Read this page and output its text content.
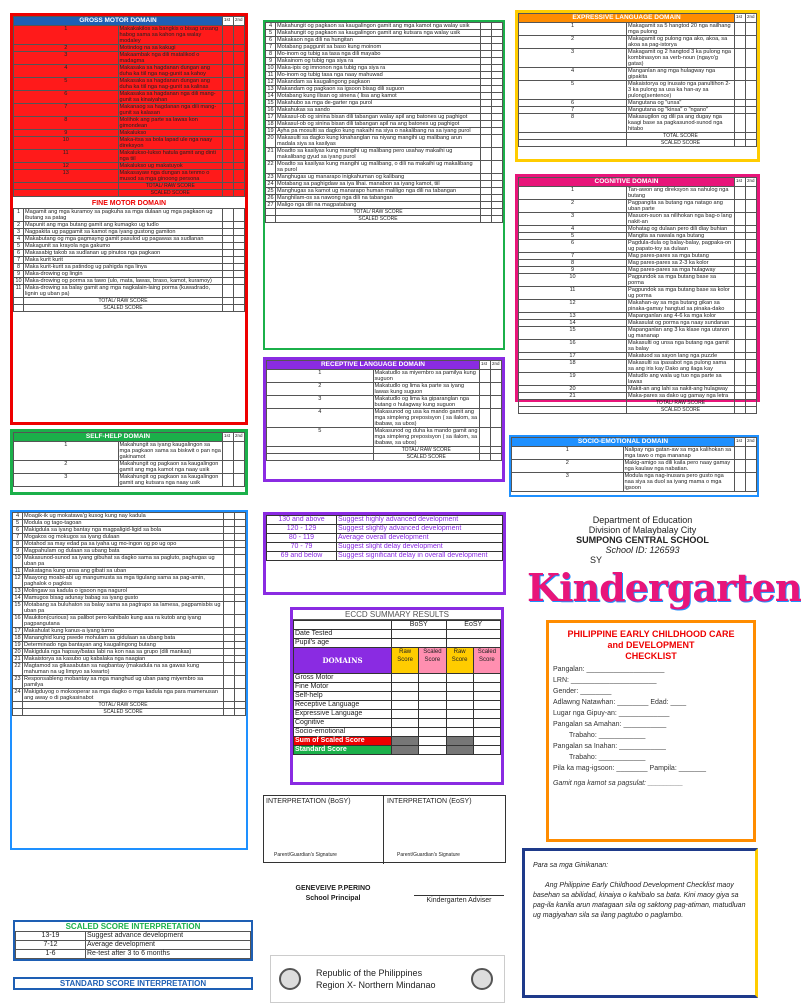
GROSS MOTOR DOMAIN		1st	2nd
1	Makakakilos sa bangkis o bisag unsang habog sama sa kahon nga walay modaley		
2	Motindog na sa kakugi		
3	Makaambak nga dili matalikod o madagma		
4	Makasaka sa hagdanan dungan ang duha ka tiil nga nag-gunit sa kahoy		
5	Makasaka sa hagdanan dungan ang duha ka tiil nga nag-gunit sa kalinas		
6	Makasaka sa hagdanan nga dili mang-gunit sa kinaiyahan		
7	Makanaog sa hagdanan nga dili mang-gunit sa kalasan		
8	Molihok ang parte sa lawas kon gimondean		
9	Makalukso		
10	Maka-itsa sa bola lapad ule nga naay direksyon		
11	Makalukso-lukso hatula gamit ang dinti nga tiil		
12	Makalukso ug makatuyok		
13	Makasayaw nga dungan sa tenmo o musod sa mga ginoong persona		
	TOTAL/ RAW SCORE		
	SCALED SCORE		
FINE MOTOR DOMAIN
1	Magamit ang mga kuramoy sa pagkuha sa mga dulaan ug mga pagkaon ug ibutang sa patag		
2	Mapunit ang mga butang gamit ang kumagko ug tudlo		
3	Nagpakita ug paggamit sa kamot nga iyang gustong gamiton		
4	Makabutang og mga gagmayng gamit pasulod ug pagawas sa sudlanan		
5	Makagunit sa krayola nga gakumo		
6	Makasabig takob sa sudlanan ug pinutos nga pagkaon		
7	Maka kurit kurit		
8	Maka kurit-kurit sa patindog ug pahigda nga linya		
9	Maka-drowing og lingin		
10	Maka-drowing og porma sa tawo (ulo, mata, lawas, braso, kamot, kuramoy)		
11	Maka-drowing sa balay gamit ang mga nagkalain-laing porma (kuwadrado, lignin ug uban pa)		
	TOTAL/ RAW SCORE		
	SCALED SCORE		
SELF-HELP DOMAIN		1st	2nd
1	Makahungit sa iyang kaugalingon sa mga pagkaon sama sa biskwit o pan nga gakinamot		
2	Makahungit og pagkaon sa kaugalingon gamit ang mga kamot nga naay usik		
3	Makahungit og pagkaon sa kaugalingon gamit ang kutsara nga naay usik		
4	Moagik-ik ug mokatawa'g kusog kung nay kadula		
5	Modula og tago-tagoan		
6	Makigdula sa iyang bantay nga magpaligid-ligid sa bola		
7	Mogakos og mokugos sa iyang dulaan		
8	Motahod sa may edad pa sa iyaha ug mo-ingon og po ug opo		
9	Magpahulam og dulaan sa ubang bata		
10	Makasunod-sunod sa iyang gibuhat sa dagko sama sa pagluto, paghugas ug uban pa		
11	Makatagna kung unsa ang gibati sa uban		
12	Maayong moabi-abi ug mangumusta sa mga tigulang sama sa pag-amin, paghalok o pagkiss		
13	Molingaw sa kadula o igsoon nga nagurol		
14	Mamugos bisag adunay babag sa iyang gusto		
15	Motabang sa buluhaton sa balay sama sa pagtrapo sa lamesa, pagpamisbis ug uban pa		
16	Maukiton(curious) sa palibot pero kahibalo kung asa ra kutob ang iyang pagpangutana		
17	Makahulat kung kanus-a iyang turno		
18	Mananghid kung pwede mohulam sa gidulaan sa ubang bata		
19	Determinado nga bantayan ang kaugalingong butang		
20	Makigdula nga hapsay/batas labi na kon naa sa grupo (dili mankas)		
21	Makaistorya sa kasubo ug kabalaka nga naagian		
22	Magtamod sa gikasabutan sa nagbantay (makadula na sa gawas kung mahuman na ug limpyo sa kwarto)		
23	Responsableng mobantay sa mga manghud ug uban pang miyembro sa pamilya		
24	Makigduyog o mokooperar sa mga dagko o mga kadula nga para mamenusan ang away o di pagkasinabot		
	TOTAL/ RAW SCORE		
	SCALED SCORE		
4	Makahungit og pagkaon sa kaugalingon gamit ang mga kamot nga walay usik		
5	Makahungit og pagkaon sa kaugalingon gamit ang kutsara nga walay usik		
6	Makakaon nga dili na hungitan		
7	Motabang paggunit sa baso kung moinom		
8	Mo-inom og tubig sa tasa nga dili mayabo		
9	Makainom og tubig nga siya ra		
10	Maka-ipis og imnonon nga tubig nga siya ra		
11	Mo-inom og tubig tasa nga naay mahuwad		
12	Makandam sa kaugalingong pagkaon		
13	Makandam og pagkaon sa igsoon bisag dili suguon		
14	Motabang kung ilisan og sinena ( lisa ang kamot		
15	Makahubo sa mga de-garter nga purol		
16	Makahukas sa sando		
17	Makasul-ob og sinina bisan dili tabangan walay apil ang batones ug paghigot		
18	Makasul-ob og sinina bisan dili tabangan apil na ang batones ug paghigot		
19	Ayha pa mosulti sa dagko kung nakaihi na siya o nakalibang na sa iyang purol		
20	Makasulti sa dagko kung kinahanglan na niyang mangihi ug malibang arun madala siya sa kasilyas		
21	Moadto sa kasilyas kung mangihi ug malibang pero usahay makaihi ug makalibang gyud sa iyang purol		
22	Moadto sa kasilyas kung mangihi ug malibang, o dili na makaihi ug makalibang sa purol		
23	Manghugas ug manarapo inigkahuman og kalibang		
24	Motabang sa paghigdaw sa iya lihai. manabon sa iyang kamot, tiil		
25	Manghugas sa kamot ug manarapo human maliligo nga dili na tabangan		
26	Manghilam-os sa nawong nga dili na tabangan		
27	Maligo nga dili na magpatabang		
	TOTAL/ RAW SCORE		
	SCALED SCORE		
RECEPTIVE LANGUAGE DOMAIN		1st	2nd
1	Makatudlo sa miyembro sa pamilya kung suguon		
2	Makatudlo og lima ka parte sa iyang lawas kung suguon		
3	Makatudlo og lima ka giparanglan nga butang o hulagway kung suguon		
4	Makasunod og usa ka mando gamit ang mga simpleng preposisyon ( sa ilalom, sa ibabaw, sa ubos)		
5	Makasunod og duha ka mando gamit ang mga simpleng preposisyon ( sa ilalom, sa ibabaw, sa ubos)		
	TOTAL/ RAW SCORE		
	SCALED SCORE		
EXPRESSIVE LANGUAGE DOMAIN		1st	2nd
1	Makagamit sa 5 hangtod 20 nga nailhang mga pulong		
2	Makagamit og pulong nga ako, akoa, sa akoa sa pag-istorya		
3	Makagamit og 2 hangtod 3 ka pulong nga kombinasyon sa verb-noun (ngayo'g gatas)		
4	Manganlan ang mga hulagway nga gipakita		
5	Makaistorya og inusato nga panultihon 2-3 ka pulong sa usa ka han-ay sa pulong(sentence)		
6	Mangutana og "unsa"		
7	Mangutana og "kinsa" o "ngano"		
8	Makasugilon og dili pa ang dugay nga kaagi base sa pagkasunod-sunod nga hitabo		
	TOTAL SCORE		
	SCALED SCORE		
COGNITIVE DOMAIN		1st	2nd
1	Tan-awon ang direksyon sa nahulog nga butang		
2	Pagpangita sa butang nga natago ang uban parte		
3	Masuon-suon sa nilihokan nga bag-o lang nakit-an		
4	Mohatag og dulaan pero dili diay buhian		
5	Mangita sa nawala nga butang		
6	Pagdula-dula og balay-balay, pagpaka-on ug papato-toy sa dulaan		
7	Mag pares-pares sa mga butang		
8	Mag pares-pares sa 2-3 ka kolor		
9	Mag pares-pares sa mga hulagway		
10	Pagpundok sa mga butang base sa porma		
11	Pagpundok sa mga butang base sa kolor ug porma		
12	Makahan-ay sa mga butang gikan sa pinaka-gamay hangtud sa pinaka-dako		
13	Mapanganlan ang 4-6 ka mga kolor		
14	Makasulat og porma nga naay sundanan		
15	Mapanganlan ang 3 ka klase nga utanon ug mananap		
16	Makasulti og unsa nga butang nga gamit sa balay		
17	Makatuod sa sayon lang nga puzzle		
18	Makasulti sa ipasabot nga pulong sama sa ang iris kay Dako ang ilaga kay		
19	Matudlo ang wala ug tuo nga parte sa lawas		
20	Makit-an ang lahi sa nakit-ang hulagway		
21	Maka-pares sa dako ug gamay nga letra		
	TOTAL/ RAW SCORE		
	SCALED SCORE		
SOCIO-EMOTIONAL DOMAIN		1st	2nd
1	Nalipay nga gatan-aw sa mga kalihokan sa mga tawo o mga mananap		
2	Makig-amigo sa dili kaila pero naay gamay nga kaulaw nga nabatian.		
3	Modula nga nag-inusara pero gusto nga naa siya sa duol sa iyang mama o mga igsoon		
130 and above	Suggest highly advanced development
120 - 129	Suggest slightly advanced development
80 - 119	Average overall development
70 - 79	Suggest slight delay development
69 and below	Suggest significant delay in overall development
ECCD SUMMARY RESULTS
	BoSY		EoSY	
Date Tested				
Pupil's age				
DOMAINS	Raw Score	Scaled Score	Raw Score	Scaled Score
Gross Motor				
Fine Motor				
Self-help				
Receptive Language				
Expressive Language				
Cognitive				
Socio-emotional				
Sum of Scaled Score				
Standard Score				
INTERPRETATION (BoSY)	INTERPRETATION (EoSY)
Parent/Guardian's Signature	Parent/Guardian's Signature
Kindergarten Adviser
GENEVEIVE P.PERINO
School Principal
SCALED SCORE INTERPRETATION
13-19	Suggest advance development
7-12	Average development
1-6	Re-test after 3 to 6 months
STANDARD SCORE INTERPRETATION
Republic of the Philippines
Region X- Northern Mindanao
Department of Education
Division of Malaybalay City
SUMPONG CENTRAL SCHOOL
School ID: 126593
SY
Kindergarten
PHILIPPINE EARLY CHILDHOOD CARE
and DEVELOPMENT
CHECKLIST
Pangalan: ____________________
LRN: ______________________
Gender: ________
Adlawng Natawhan: ________ Edad: ____
Lugar nga Gipuy-an: _____________
Pangalan sa Amahan: ___________
Trabaho: ____________
Pangalan sa Inahan: ____________
Trabaho: ____________
Pila ka mag-igsoon: ________ Pampila: _______
Gamit nga kamot sa pagsulat: _________
Para sa mga Ginikanan:
Ang Philippine Early Childhood Development Checklist maoy basehan sa abilidad, kinaiya o kahibalo sa bata. Kini maoy giya sa pag-ila kanila arun matagaan sila og saktong pag-atiman, matudluan ug magiyahan sila sa ilang pagtubo o paglambo.
